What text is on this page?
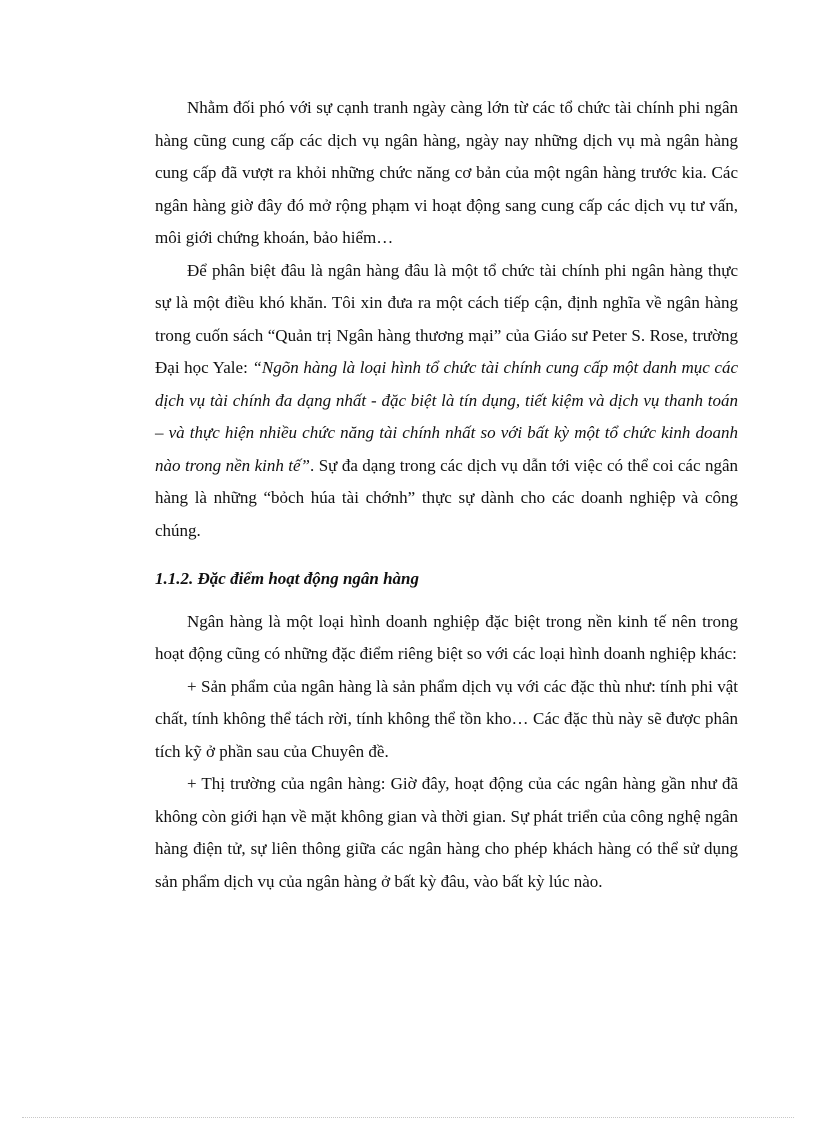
Nhằm đối phó với sự cạnh tranh ngày càng lớn từ các tổ chức tài chính phi ngân hàng cũng cung cấp các dịch vụ ngân hàng, ngày nay những dịch vụ mà ngân hàng cung cấp đã vượt ra khỏi những chức năng cơ bản của một ngân hàng trước kia. Các ngân hàng giờ đây đó mở rộng phạm vi hoạt động sang cung cấp các dịch vụ tư vấn, môi giới chứng khoán, bảo hiểm…

Để phân biệt đâu là ngân hàng đâu là một tổ chức tài chính phi ngân hàng thực sự là một điều khó khăn. Tôi xin đưa ra một cách tiếp cận, định nghĩa về ngân hàng trong cuốn sách “Quản trị Ngân hàng thương mại” của Giáo sư Peter S. Rose, trường Đại học Yale: “Ngõn hàng là loại hình tổ chức tài chính cung cấp một danh mục các dịch vụ tài chính đa dạng nhất - đặc biệt là tín dụng, tiết kiệm và dịch vụ thanh toán – và thực hiện nhiều chức năng tài chính nhất so với bất kỳ một tổ chức kinh doanh nào trong nền kinh tế”. Sự đa dạng trong các dịch vụ dẫn tới việc có thể coi các ngân hàng là những “bỏch húa tài chớnh” thực sự dành cho các doanh nghiệp và công chúng.

1.1.2. Đặc điểm hoạt động ngân hàng

Ngân hàng là một loại hình doanh nghiệp đặc biệt trong nền kinh tế nên trong hoạt động cũng có những đặc điểm riêng biệt so với các loại hình doanh nghiệp khác:

+ Sản phẩm của ngân hàng là sản phẩm dịch vụ với các đặc thù như: tính phi vật chất, tính không thể tách rời, tính không thể tồn kho… Các đặc thù này sẽ được phân tích kỹ ở phần sau của Chuyên đề.

+ Thị trường của ngân hàng: Giờ đây, hoạt động của các ngân hàng gần như đã không còn giới hạn về mặt không gian và thời gian. Sự phát triển của công nghệ ngân hàng điện tử, sự liên thông giữa các ngân hàng cho phép khách hàng có thể sử dụng sản phẩm dịch vụ của ngân hàng ở bất kỳ đâu, vào bất kỳ lúc nào.
